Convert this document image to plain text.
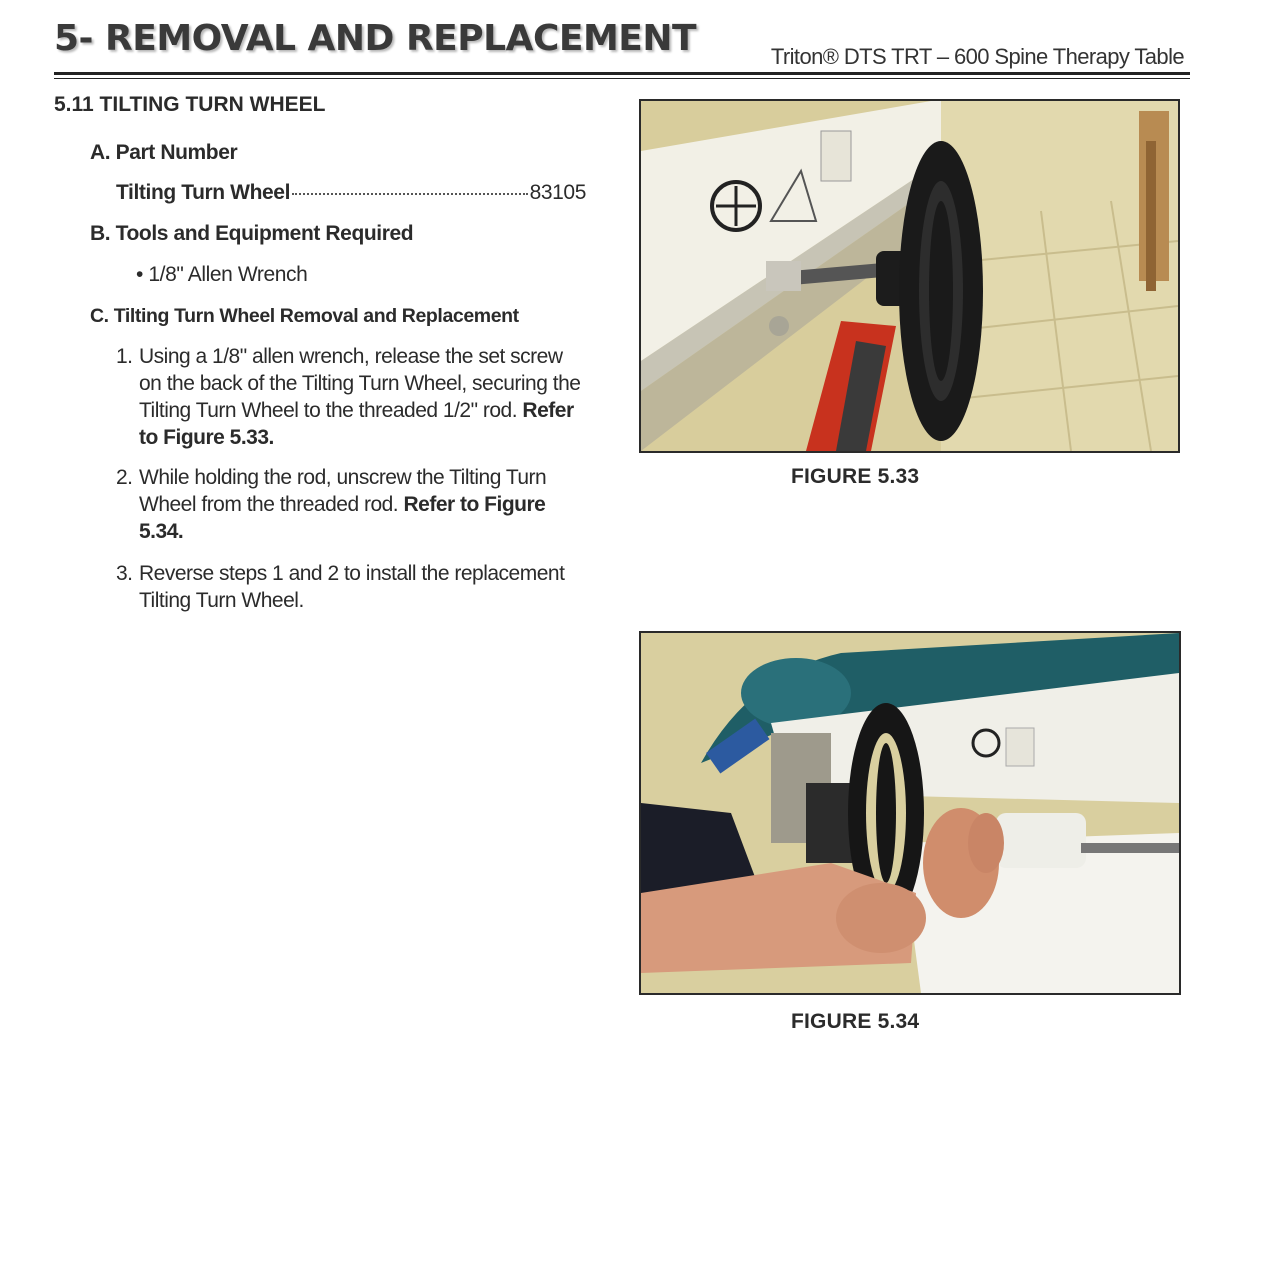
5- REMOVAL AND REPLACEMENT	Triton® DTS TRT – 600 Spine Therapy Table
5.11 TILTING TURN WHEEL
A. Part Number
Tilting Turn Wheel	83105
B. Tools and Equipment Required
• 1/8" Allen Wrench
C. Tilting Turn Wheel Removal and Replacement
1. Using a 1/8" allen wrench, release the set screw on the back of the Tilting Turn Wheel, securing the Tilting Turn Wheel to the threaded 1/2" rod. Refer to Figure 5.33.
2. While holding the rod, unscrew the Tilting Turn Wheel from the threaded rod. Refer to Figure 5.34.
3. Reverse steps 1 and 2 to install the replacement Tilting Turn Wheel.
FIGURE 5.33
FIGURE 5.34
